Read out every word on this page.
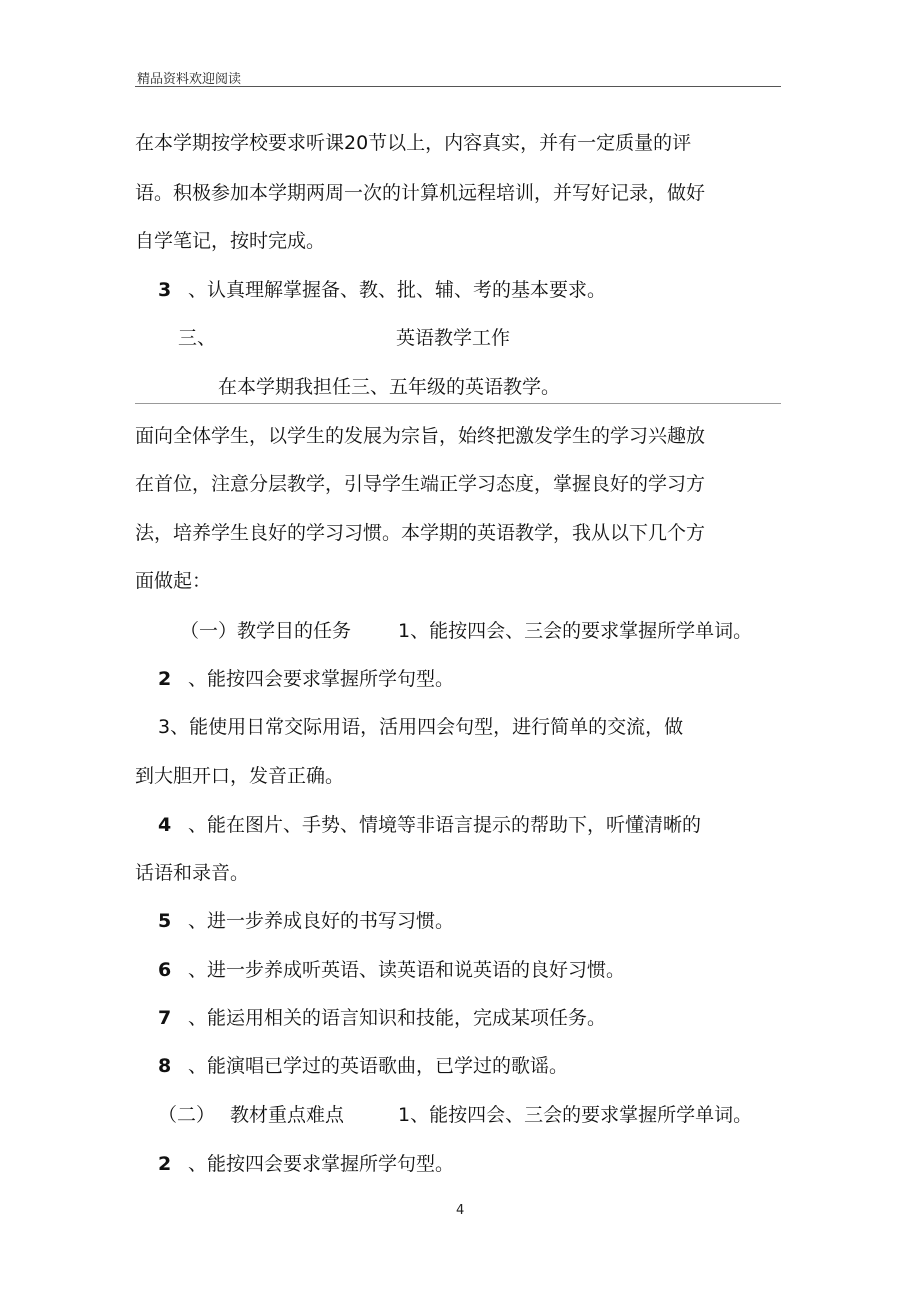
精品资料欢迎阅读
在本学期按学校要求听课20节以上，内容真实，并有一定质量的评
语。积极参加本学期两周一次的计算机远程培训，并写好记录，做好
自学笔记，按时完成。
3 、认真理解掌握备、教、批、辅、考的基本要求。
三、	英语教学工作
在本学期我担任三、五年级的英语教学。
面向全体学生，以学生的发展为宗旨，始终把激发学生的学习兴趣放
在首位，注意分层教学，引导学生端正学习态度，掌握良好的学习方
法，培养学生良好的学习习惯。本学期的英语教学，我从以下几个方
面做起：
（一）教学目的任务 1、能按四会、三会的要求掌握所学单词。
2 、能按四会要求掌握所学句型。
3、能使用日常交际用语，活用四会句型，进行简单的交流，做
到大胆开口，发音正确。
4 、能在图片、手势、情境等非语言提示的帮助下，听懂清晰的
话语和录音。
5 、进一步养成良好的书写习惯。
6 、进一步养成听英语、读英语和说英语的良好习惯。
7 、能运用相关的语言知识和技能，完成某项任务。
8 、能演唱已学过的英语歌曲，已学过的歌谣。
（二） 教材重点难点	1、能按四会、三会的要求掌握所学单词。
2 、能按四会要求掌握所学句型。
4
